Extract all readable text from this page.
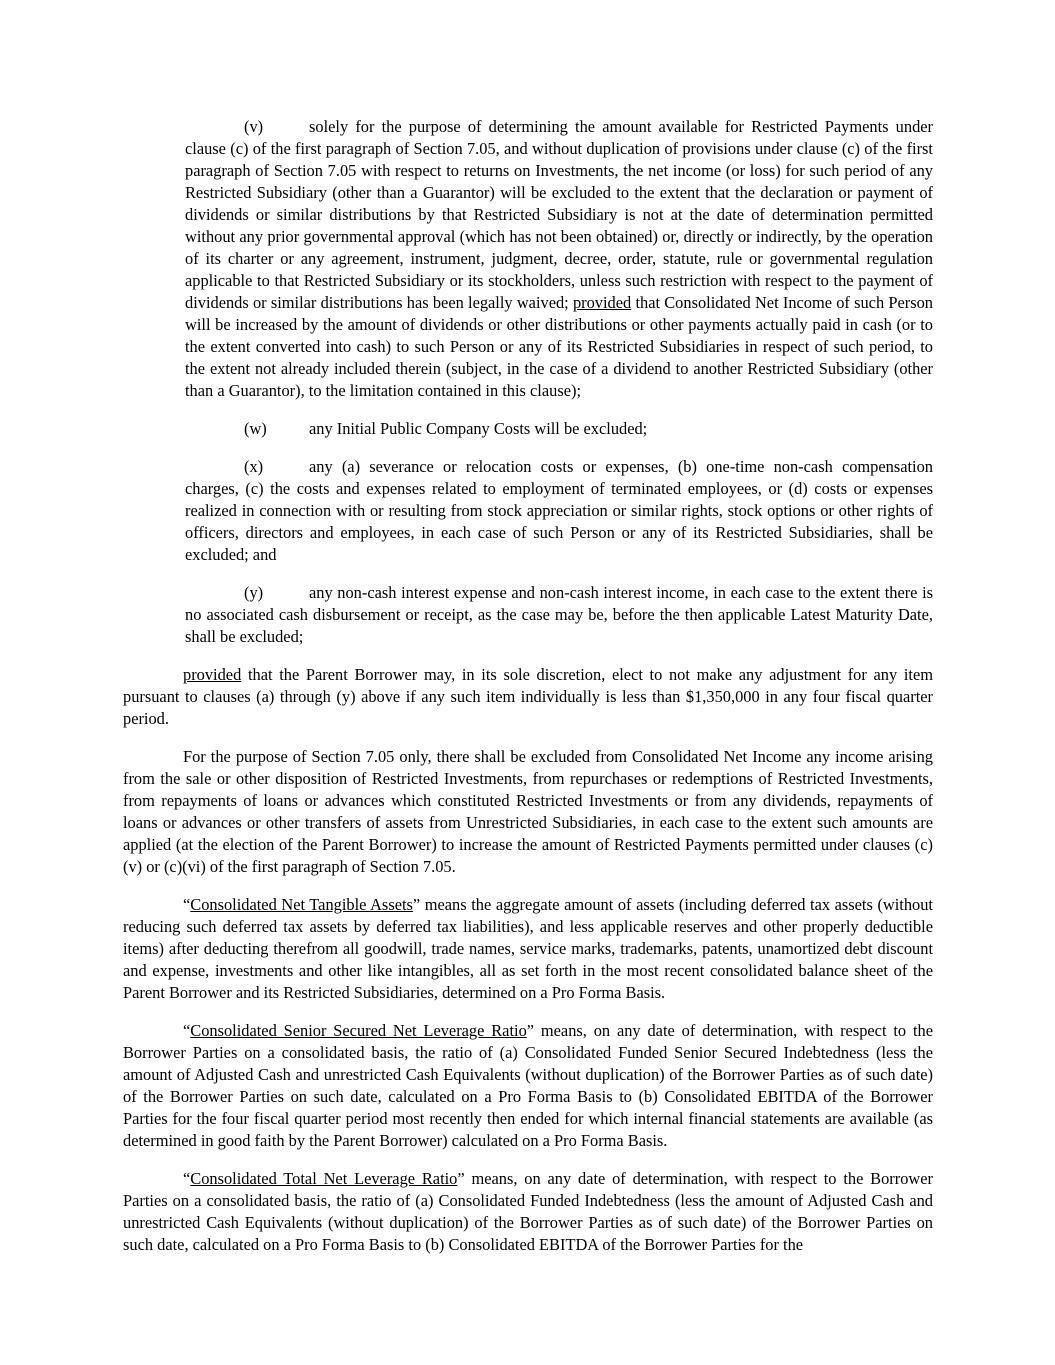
(v)	solely for the purpose of determining the amount available for Restricted Payments under clause (c) of the first paragraph of Section 7.05, and without duplication of provisions under clause (c) of the first paragraph of Section 7.05 with respect to returns on Investments, the net income (or loss) for such period of any Restricted Subsidiary (other than a Guarantor) will be excluded to the extent that the declaration or payment of dividends or similar distributions by that Restricted Subsidiary is not at the date of determination permitted without any prior governmental approval (which has not been obtained) or, directly or indirectly, by the operation of its charter or any agreement, instrument, judgment, decree, order, statute, rule or governmental regulation applicable to that Restricted Subsidiary or its stockholders, unless such restriction with respect to the payment of dividends or similar distributions has been legally waived; provided that Consolidated Net Income of such Person will be increased by the amount of dividends or other distributions or other payments actually paid in cash (or to the extent converted into cash) to such Person or any of its Restricted Subsidiaries in respect of such period, to the extent not already included therein (subject, in the case of a dividend to another Restricted Subsidiary (other than a Guarantor), to the limitation contained in this clause);

(w)	any Initial Public Company Costs will be excluded;

(x)	any (a) severance or relocation costs or expenses, (b) one-time non-cash compensation charges, (c) the costs and expenses related to employment of terminated employees, or (d) costs or expenses realized in connection with or resulting from stock appreciation or similar rights, stock options or other rights of officers, directors and employees, in each case of such Person or any of its Restricted Subsidiaries, shall be excluded; and

(y)	any non-cash interest expense and non-cash interest income, in each case to the extent there is no associated cash disbursement or receipt, as the case may be, before the then applicable Latest Maturity Date, shall be excluded;

provided that the Parent Borrower may, in its sole discretion, elect to not make any adjustment for any item pursuant to clauses (a) through (y) above if any such item individually is less than $1,350,000 in any four fiscal quarter period.

For the purpose of Section 7.05 only, there shall be excluded from Consolidated Net Income any income arising from the sale or other disposition of Restricted Investments, from repurchases or redemptions of Restricted Investments, from repayments of loans or advances which constituted Restricted Investments or from any dividends, repayments of loans or advances or other transfers of assets from Unrestricted Subsidiaries, in each case to the extent such amounts are applied (at the election of the Parent Borrower) to increase the amount of Restricted Payments permitted under clauses (c)(v) or (c)(vi) of the first paragraph of Section 7.05.

“Consolidated Net Tangible Assets” means the aggregate amount of assets (including deferred tax assets (without reducing such deferred tax assets by deferred tax liabilities), and less applicable reserves and other properly deductible items) after deducting therefrom all goodwill, trade names, service marks, trademarks, patents, unamortized debt discount and expense, investments and other like intangibles, all as set forth in the most recent consolidated balance sheet of the Parent Borrower and its Restricted Subsidiaries, determined on a Pro Forma Basis.

“Consolidated Senior Secured Net Leverage Ratio” means, on any date of determination, with respect to the Borrower Parties on a consolidated basis, the ratio of (a) Consolidated Funded Senior Secured Indebtedness (less the amount of Adjusted Cash and unrestricted Cash Equivalents (without duplication) of the Borrower Parties as of such date) of the Borrower Parties on such date, calculated on a Pro Forma Basis to (b) Consolidated EBITDA of the Borrower Parties for the four fiscal quarter period most recently then ended for which internal financial statements are available (as determined in good faith by the Parent Borrower) calculated on a Pro Forma Basis.

“Consolidated Total Net Leverage Ratio” means, on any date of determination, with respect to the Borrower Parties on a consolidated basis, the ratio of (a) Consolidated Funded Indebtedness (less the amount of Adjusted Cash and unrestricted Cash Equivalents (without duplication) of the Borrower Parties as of such date) of the Borrower Parties on such date, calculated on a Pro Forma Basis to (b) Consolidated EBITDA of the Borrower Parties for the
